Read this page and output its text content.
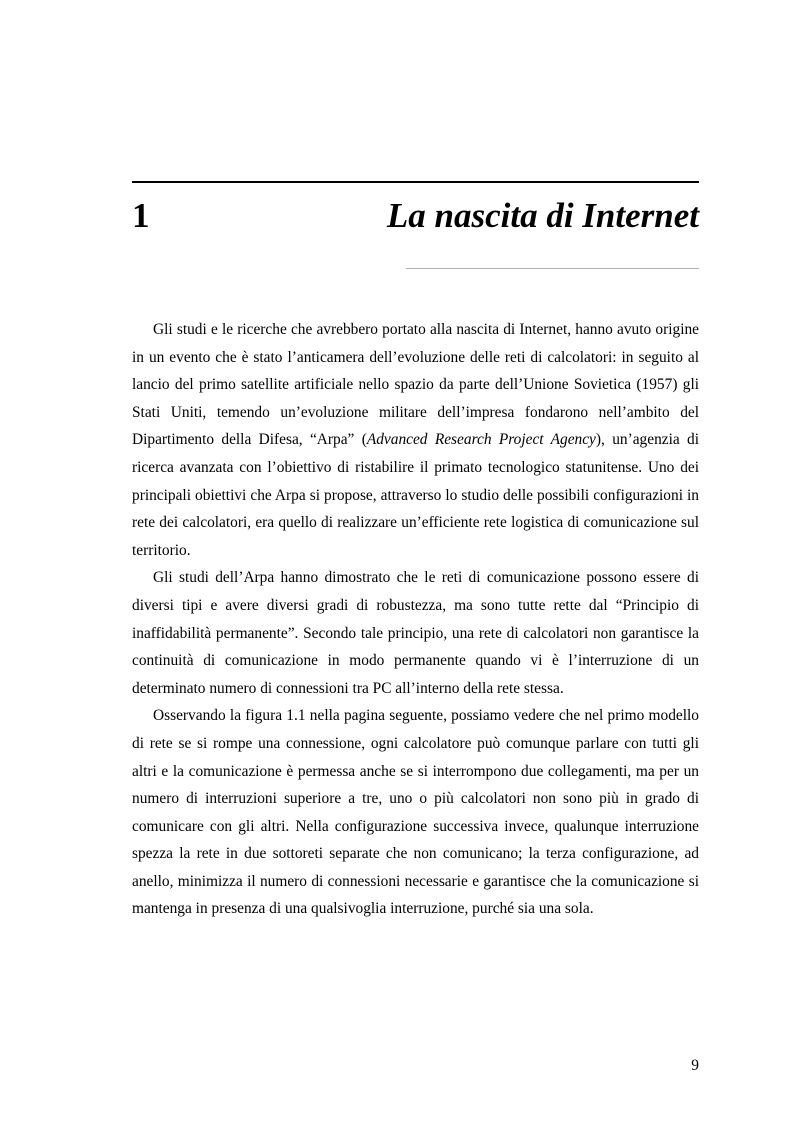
1	La nascita di Internet

Gli studi e le ricerche che avrebbero portato alla nascita di Internet, hanno avuto origine in un evento che è stato l’anticamera dell’evoluzione delle reti di calcolatori: in seguito al lancio del primo satellite artificiale nello spazio da parte dell’Unione Sovietica (1957) gli Stati Uniti, temendo un’evoluzione militare dell’impresa fondarono nell’ambito del Dipartimento della Difesa, “Arpa” (Advanced Research Project Agency), un’agenzia di ricerca avanzata con l’obiettivo di ristabilire il primato tecnologico statunitense. Uno dei principali obiettivi che Arpa si propose, attraverso lo studio delle possibili configurazioni in rete dei calcolatori, era quello di realizzare un’efficiente rete logistica di comunicazione sul territorio.

Gli studi dell’Arpa hanno dimostrato che le reti di comunicazione possono essere di diversi tipi e avere diversi gradi di robustezza, ma sono tutte rette dal “Principio di inaffidabilità permanente”. Secondo tale principio, una rete di calcolatori non garantisce la continuità di comunicazione in modo permanente quando vi è l’interruzione di un determinato numero di connessioni tra PC all’interno della rete stessa.

Osservando la figura 1.1 nella pagina seguente, possiamo vedere che nel primo modello di rete se si rompe una connessione, ogni calcolatore può comunque parlare con tutti gli altri e la comunicazione è permessa anche se si interrompono due collegamenti, ma per un numero di interruzioni superiore a tre, uno o più calcolatori non sono più in grado di comunicare con gli altri. Nella configurazione successiva invece, qualunque interruzione spezza la rete in due sottoreti separate che non comunicano; la terza configurazione, ad anello, minimizza il numero di connessioni necessarie e garantisce che la comunicazione si mantenga in presenza di una qualsivoglia interruzione, purché sia una sola.

9
